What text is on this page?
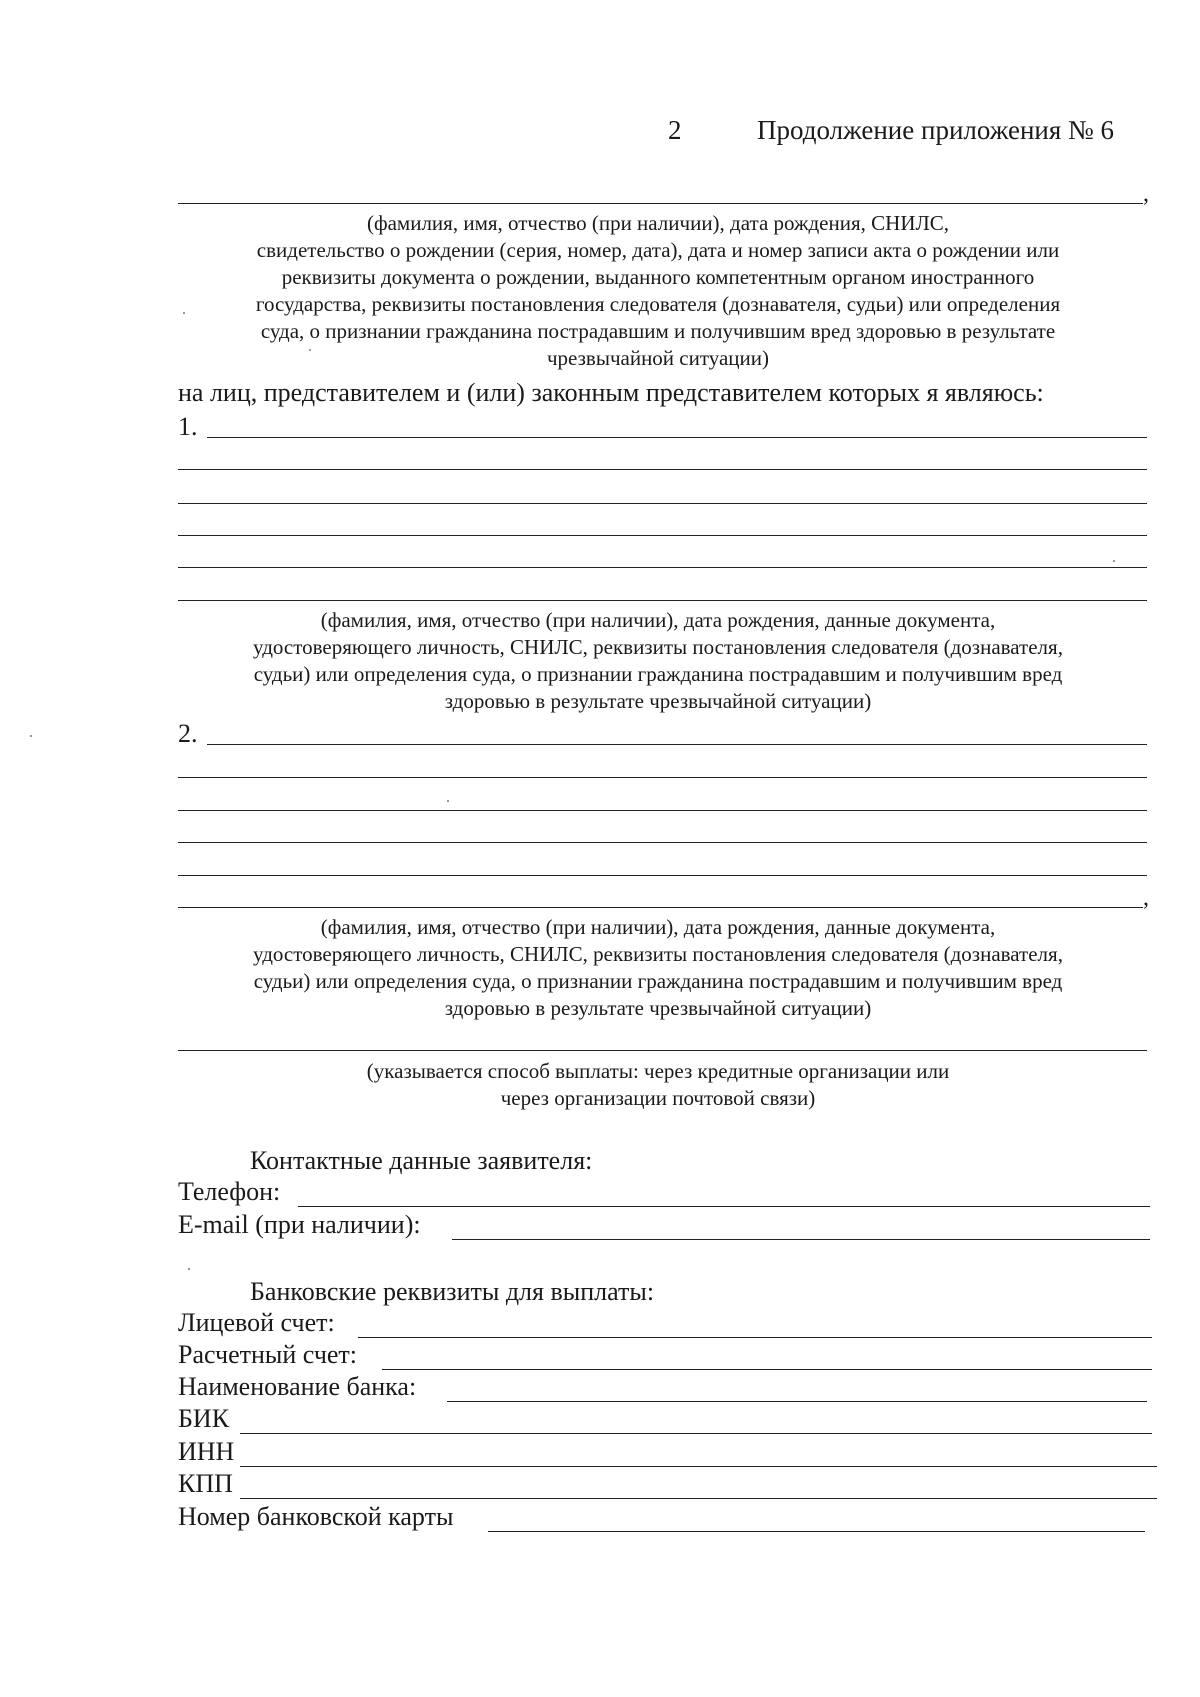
2	Продолжение приложения № 6
,
(фамилия, имя, отчество (при наличии), дата рождения, СНИЛС,
свидетельство о рождении (серия, номер, дата), дата и номер записи акта о рождении или
реквизиты документа о рождении, выданного компетентным органом иностранного
государства, реквизиты постановления следователя (дознавателя, судьи) или определения
суда, о признании гражданина пострадавшим и получившим вред здоровью в результате
чрезвычайной ситуации)
на лиц, представителем и (или) законным представителем которых я являюсь:
1.
(фамилия, имя, отчество (при наличии), дата рождения, данные документа,
удостоверяющего личность, СНИЛС, реквизиты постановления следователя (дознавателя,
судьи) или определения суда, о признании гражданина пострадавшим и получившим вред
здоровью в результате чрезвычайной ситуации)
2.
,
(фамилия, имя, отчество (при наличии), дата рождения, данные документа,
удостоверяющего личность, СНИЛС, реквизиты постановления следователя (дознавателя,
судьи) или определения суда, о признании гражданина пострадавшим и получившим вред
здоровью в результате чрезвычайной ситуации)
(указывается способ выплаты: через кредитные организации или
через организации почтовой связи)
Контактные данные заявителя:
Телефон:
E-mail (при наличии):
Банковские реквизиты для выплаты:
Лицевой счет:
Расчетный счет:
Наименование банка:
БИК
ИНН
КПП
Номер банковской карты
